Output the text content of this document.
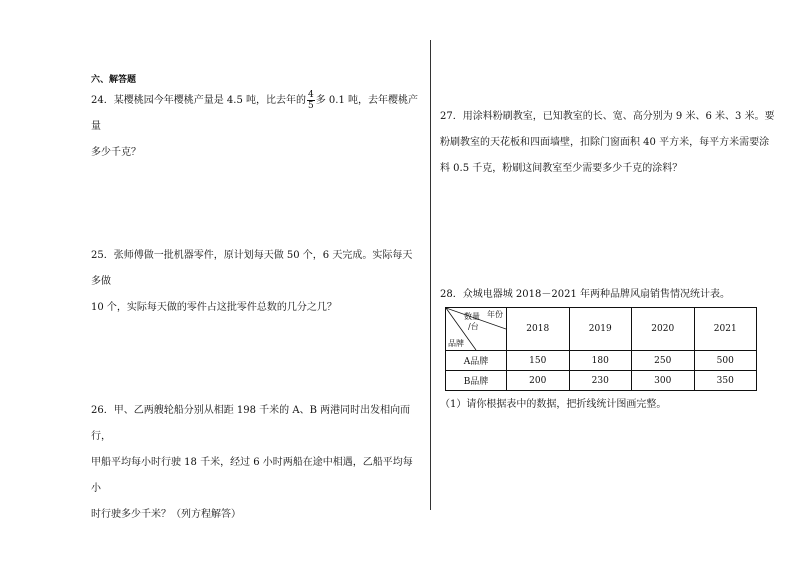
六、解答题
24．某樱桃园今年樱桃产量是 4.5 吨，比去年的 $\frac{4}{5}$ 多 0.1 吨，去年樱桃产量
多少千克？
25．张师傅做一批机器零件，原计划每天做 50 个，6 天完成。实际每天多做
10 个，实际每天做的零件占这批零件总数的几分之几？
26．甲、乙两艘轮船分别从相距 198 千米的 A、B 两港同时出发相向而行，
甲船平均每小时行驶 18 千米，经过 6 小时两船在途中相遇，乙船平均每小
时行驶多少千米？（列方程解答）
27．用涂料粉刷教室，已知教室的长、宽、高分别为 9 米、6 米、3 米。要
粉刷教室的天花板和四面墙壁，扣除门窗面积 40 平方米，每平方米需要涂
料 0.5 千克，粉刷这间教室至少需要多少千克的涂料？
28．众城电器城 2018－2021 年两种品牌风扇销售情况统计表。
年份
数量
/台
品牌	2018	2019	2020	2021
A品牌	150	180	250	500
B品牌	200	230	300	350
（1）请你根据表中的数据，把折线统计图画完整。
